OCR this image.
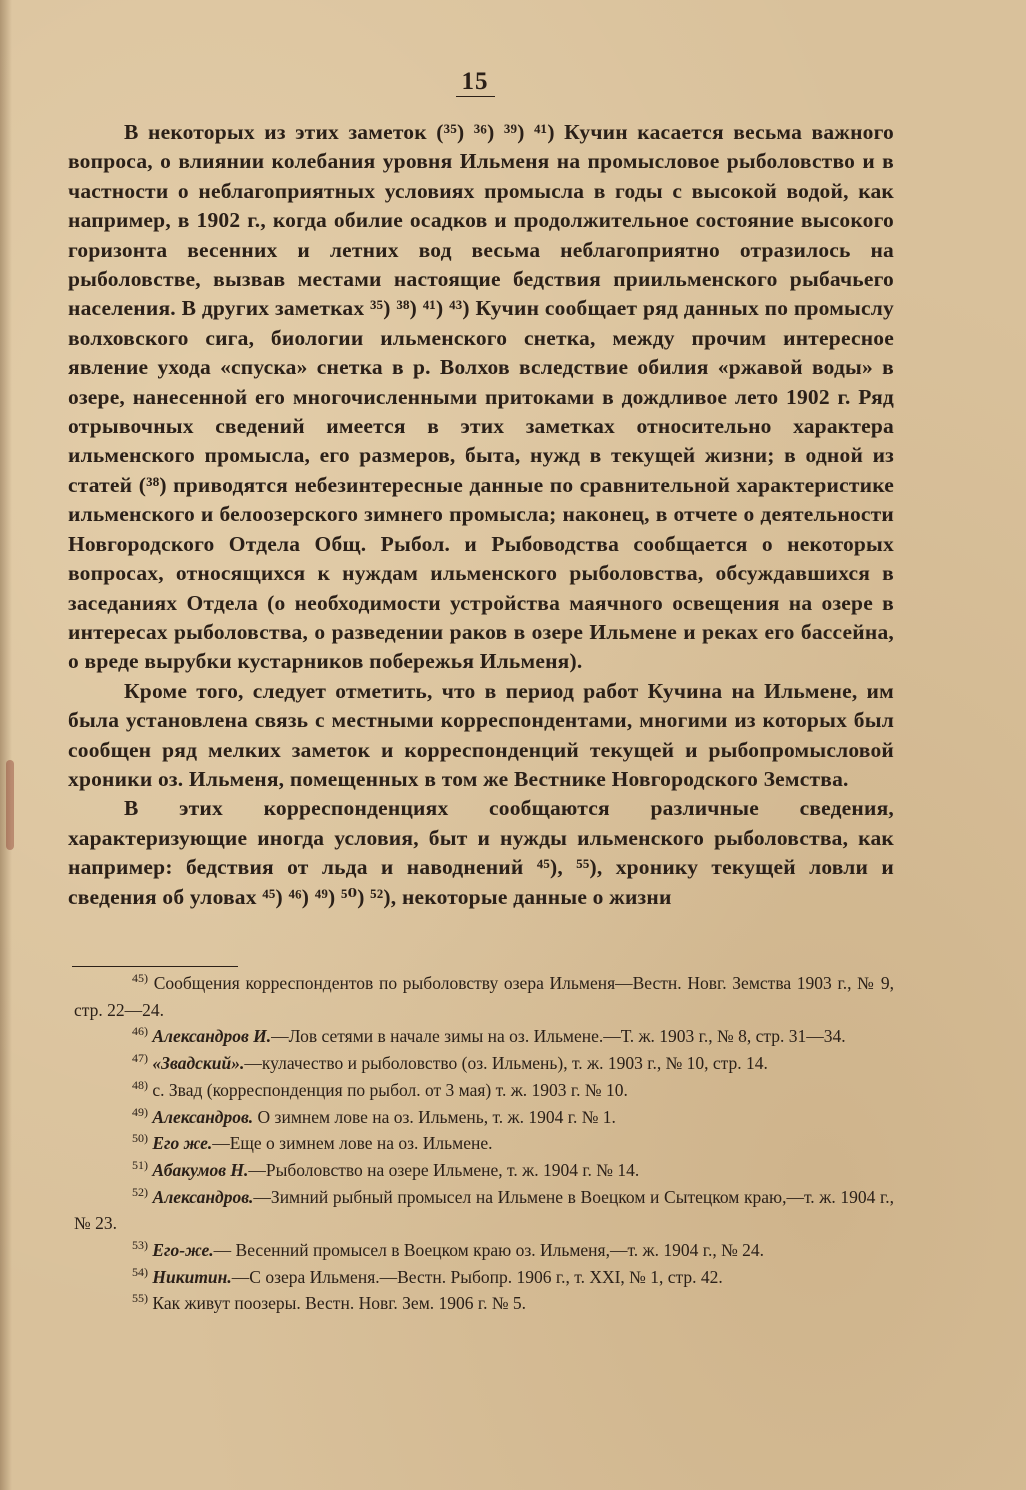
15

В некоторых из этих заметок (³⁵) ³⁶) ³⁹) ⁴¹) Кучин касается весьма важного вопроса, о влиянии колебания уровня Ильменя на промысловое рыболовство и в частности о неблагоприятных условиях промысла в годы с высокой водой, как например, в 1902 г., когда обилие осадков и продолжительное состояние высокого горизонта весенних и летних вод весьма неблагоприятно отразилось на рыболовстве, вызвав местами настоящие бедствия приильменского рыбачьего населения. В других заметках ³⁵) ³⁸) ⁴¹) ⁴³) Кучин сообщает ряд данных по промыслу волховского сига, биологии ильменского снетка, между прочим интересное явление ухода «спуска» снетка в р. Волхов вследствие обилия «ржавой воды» в озере, нанесенной его многочисленными притоками в дождливое лето 1902 г. Ряд отрывочных сведений имеется в этих заметках относительно характера ильменского промысла, его размеров, быта, нужд в текущей жизни; в одной из статей (³⁸) приводятся небезинтересные данные по сравнительной характеристике ильменского и белоозерского зимнего промысла; наконец, в отчете о деятельности Новгородского Отдела Общ. Рыбол. и Рыбоводства сообщается о некоторых вопросах, относящихся к нуждам ильменского рыболовства, обсуждавшихся в заседаниях Отдела (о необходимости устройства маячного освещения на озере в интересах рыболовства, о разведении раков в озере Ильмене и реках его бассейна, о вреде вырубки кустарников побережья Ильменя).

Кроме того, следует отметить, что в период работ Кучина на Ильмене, им была установлена связь с местными корреспондентами, многими из которых был сообщен ряд мелких заметок и корреспонденций текущей и рыбопромысловой хроники оз. Ильменя, помещенных в том же Вестнике Новгородского Земства.

В этих корреспонденциях сообщаются различные сведения, характеризующие иногда условия, быт и нужды ильменского рыболовства, как например: бедствия от льда и наводнений ⁴⁵), ⁵⁵), хронику текущей ловли и сведения об уловах ⁴⁵) ⁴⁶) ⁴⁹) ⁵⁰) ⁵²), некоторые данные о жизни

$^{45)}$ Сообщения корреспондентов по рыболовству озера Ильменя—Вестн. Новг. Земства 1903 г., № 9, стр. 22—24.

$^{46)}$ Александров И.—Лов сетями в начале зимы на оз. Ильмене.—Т. ж. 1903 г., № 8, стр. 31—34.

$^{47)}$ «Звадский».—кулачество и рыболовство (оз. Ильмень), т. ж. 1903 г., № 10, стр. 14.

$^{48)}$ с. Звад (корреспонденция по рыбол. от 3 мая) т. ж. 1903 г. № 10.

$^{49)}$ Александров. О зимнем лове на оз. Ильмень, т. ж. 1904 г. № 1.

$^{50)}$ Его же.—Еще о зимнем лове на оз. Ильмене.

$^{51)}$ Абакумов Н.—Рыболовство на озере Ильмене, т. ж. 1904 г. № 14.

$^{52)}$ Александров.—Зимний рыбный промысел на Ильмене в Воецком и Сытецком краю,—т. ж. 1904 г., № 23.

$^{53)}$ Его-же.— Весенний промысел в Воецком краю оз. Ильменя,—т. ж. 1904 г., № 24.

$^{54)}$ Никитин.—С озера Ильменя.—Вестн. Рыбопр. 1906 г., т. XXI, № 1, стр. 42.

$^{55)}$ Как живут поозеры. Вестн. Новг. Зем. 1906 г. № 5.
